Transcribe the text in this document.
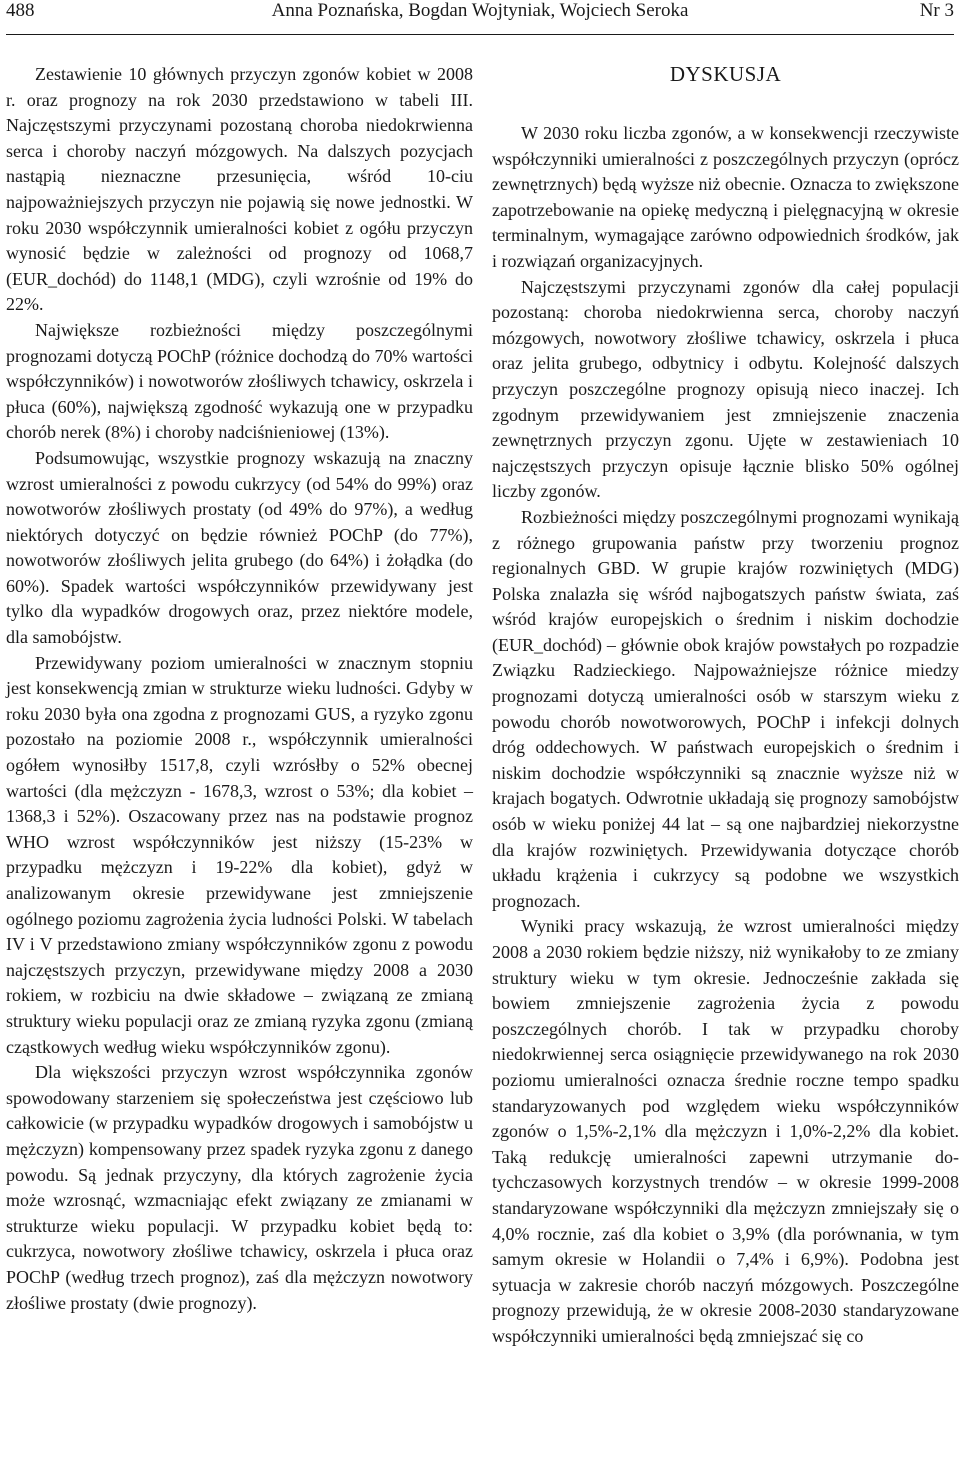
488	Anna Poznańska, Bogdan Wojtyniak, Wojciech Seroka	Nr 3

Zestawienie 10 głównych przyczyn zgonów kobiet w 2008 r. oraz prognozy na rok 2030 przedstawiono w tabeli III. Najczęstszymi przyczynami pozostaną choroba niedokrwienna serca i choroby naczyń mózgowych. Na dalszych pozycjach nastąpią nieznaczne przesunięcia, wśród 10-ciu najpoważniejszych przyczyn nie pojawią się nowe jednostki. W roku 2030 współczynnik umieralności kobiet z ogółu przyczyn wynosić będzie w zależności od prognozy od 1068,7 (EUR_dochód) do 1148,1 (MDG), czyli wzrośnie od 19% do 22%.

Największe rozbieżności między poszczególnymi prognozami dotyczą POChP (różnice dochodzą do 70% wartości współczynników) i nowotworów złośliwych tchawicy, oskrzela i płuca (60%), największą zgodność wykazują one w przypadku chorób nerek (8%) i choroby nadciśnieniowej (13%).

Podsumowując, wszystkie prognozy wskazują na znaczny wzrost umieralności z powodu cukrzycy (od 54% do 99%) oraz nowotworów złośliwych prostaty (od 49% do 97%), a według niektórych dotyczyć on będzie również POChP (do 77%), nowotworów złośliwych jelita grubego (do 64%) i żołądka (do 60%). Spadek wartości współczynników przewidywany jest tylko dla wypadków drogowych oraz, przez niektóre modele, dla samobójstw.

Przewidywany poziom umieralności w znacznym stopniu jest konsekwencją zmian w strukturze wieku ludności. Gdyby w roku 2030 była ona zgodna z prognozami GUS, a ryzyko zgonu pozostało na poziomie 2008 r., współczynnik umieralności ogółem wynosiłby 1517,8, czyli wzrósłby o 52% obecnej wartości (dla mężczyzn - 1678,3, wzrost o 53%; dla kobiet – 1368,3 i 52%). Oszacowany przez nas na podstawie prognoz WHO wzrost współczynników jest niższy (15-23% w przypadku mężczyzn i 19-22% dla kobiet), gdyż w analizowanym okresie przewidywane jest zmniejszenie ogólnego poziomu zagrożenia życia ludności Polski. W tabelach IV i V przedstawiono zmiany współczynników zgonu z powodu najczęstszych przyczyn, przewidywane między 2008 a 2030 rokiem, w rozbiciu na dwie składowe – związaną ze zmianą struktury wieku populacji oraz ze zmianą ryzyka zgonu (zmianą cząstkowych według wieku współczynników zgonu).

Dla większości przyczyn wzrost współczynnika zgonów spowodowany starzeniem się społeczeństwa jest częściowo lub całkowicie (w przypadku wypadków drogowych i samobójstw u mężczyzn) kompensowany przez spadek ryzyka zgonu z danego powodu. Są jednak przyczyny, dla których zagrożenie życia może wzrosnąć, wzmacniając efekt związany ze zmianami w strukturze wieku populacji. W przypadku kobiet będą to: cukrzyca, nowotwory złośliwe tchawicy, oskrzela i płuca oraz POChP (według trzech prognoz), zaś dla mężczyzn nowotwory złośliwe prostaty (dwie prognozy).

DYSKUSJA

W 2030 roku liczba zgonów, a w konsekwencji rzeczywiste współczynniki umieralności z poszczególnych przyczyn (oprócz zewnętrznych) będą wyższe niż obecnie. Oznacza to zwiększone zapotrzebowanie na opiekę medyczną i pielęgnacyjną w okresie terminalnym, wymagające zarówno odpowiednich środków, jak i rozwiązań organizacyjnych.

Najczęstszymi przyczynami zgonów dla całej populacji pozostaną: choroba niedokrwienna serca, choroby naczyń mózgowych, nowotwory złośliwe tchawicy, oskrzela i płuca oraz jelita grubego, odbytnicy i odbytu. Kolejność dalszych przyczyn poszczególne prognozy opisują nieco inaczej. Ich zgodnym przewidywaniem jest zmniejszenie znaczenia zewnętrznych przyczyn zgonu. Ujęte w zestawieniach 10 najczęstszych przyczyn opisuje łącznie blisko 50% ogólnej liczby zgonów.

Rozbieżności między poszczególnymi prognozami wynikają z różnego grupowania państw przy tworzeniu prognoz regionalnych GBD. W grupie krajów rozwiniętych (MDG) Polska znalazła się wśród najbogatszych państw świata, zaś wśród krajów europejskich o średnim i niskim dochodzie (EUR_dochód) – głównie obok krajów powstałych po rozpadzie Związku Radzieckiego. Najpoważniejsze różnice miedzy prognozami dotyczą umieralności osób w starszym wieku z powodu chorób nowotworowych, POChP i infekcji dolnych dróg oddechowych. W państwach europejskich o średnim i niskim dochodzie współczynniki są znacznie wyższe niż w krajach bogatych. Odwrotnie układają się prognozy samobójstw osób w wieku poniżej 44 lat – są one najbardziej niekorzystne dla krajów rozwiniętych. Przewidywania dotyczące chorób układu krążenia i cukrzycy są podobne we wszystkich prognozach.

Wyniki pracy wskazują, że wzrost umieralności między 2008 a 2030 rokiem będzie niższy, niż wynikałoby to ze zmiany struktury wieku w tym okresie. Jednocześnie zakłada się bowiem zmniejszenie zagrożenia życia z powodu poszczególnych chorób. I tak w przypadku choroby niedokrwiennej serca osiągnięcie przewidywanego na rok 2030 poziomu umieralności oznacza średnie roczne tempo spadku standaryzowanych pod względem wieku współczynników zgonów o 1,5%-2,1% dla mężczyzn i 1,0%-2,2% dla kobiet. Taką redukcję umieralności zapewni utrzymanie dotychczasowych korzystnych trendów – w okresie 1999-2008 standaryzowane współczynniki dla mężczyzn zmniejszały się o 4,0% rocznie, zaś dla kobiet o 3,9% (dla porównania, w tym samym okresie w Holandii o 7,4% i 6,9%). Podobna jest sytuacja w zakresie chorób naczyń mózgowych. Poszczególne prognozy przewidują, że w okresie 2008-2030 standaryzowane współczynniki umieralności będą zmniejszać się co
